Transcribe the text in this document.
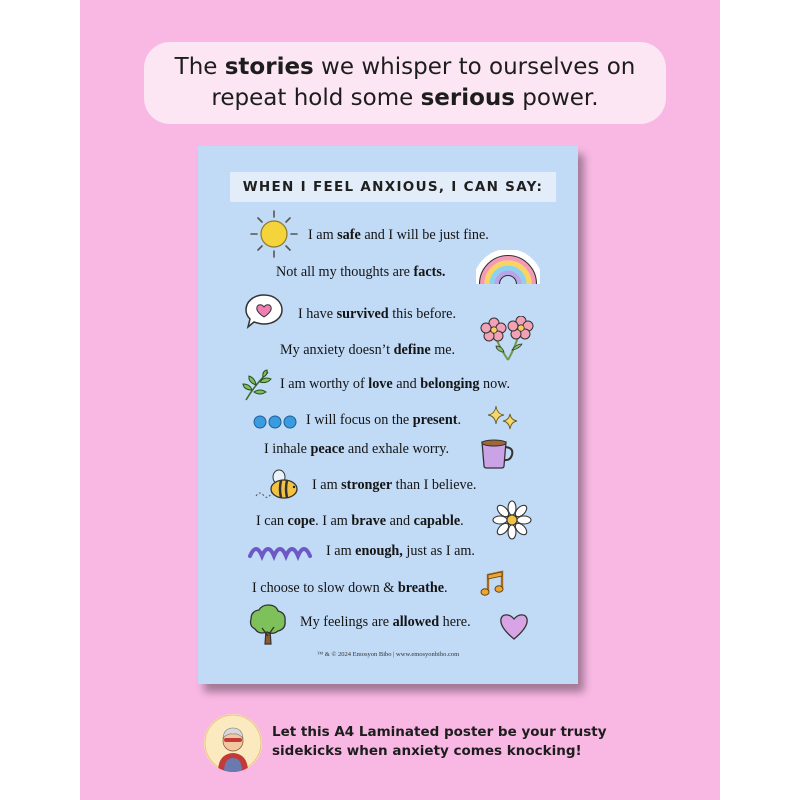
The stories we whisper to ourselves on repeat hold some serious power.

WHEN I FEEL ANXIOUS, I CAN SAY:
I am safe and I will be just fine.
Not all my thoughts are facts.
I have survived this before.
My anxiety doesn’t define me.
I am worthy of love and belonging now.
I will focus on the present.
I inhale peace and exhale worry.
I am stronger than I believe.
I can cope. I am brave and capable.
I am enough, just as I am.
I choose to slow down & breathe.
My feelings are allowed here.
™ & © 2024 Emosyon Bibo | www.emosyonbibo.com
Let this A4 Laminated poster be your trusty sidekicks when anxiety comes knocking!
